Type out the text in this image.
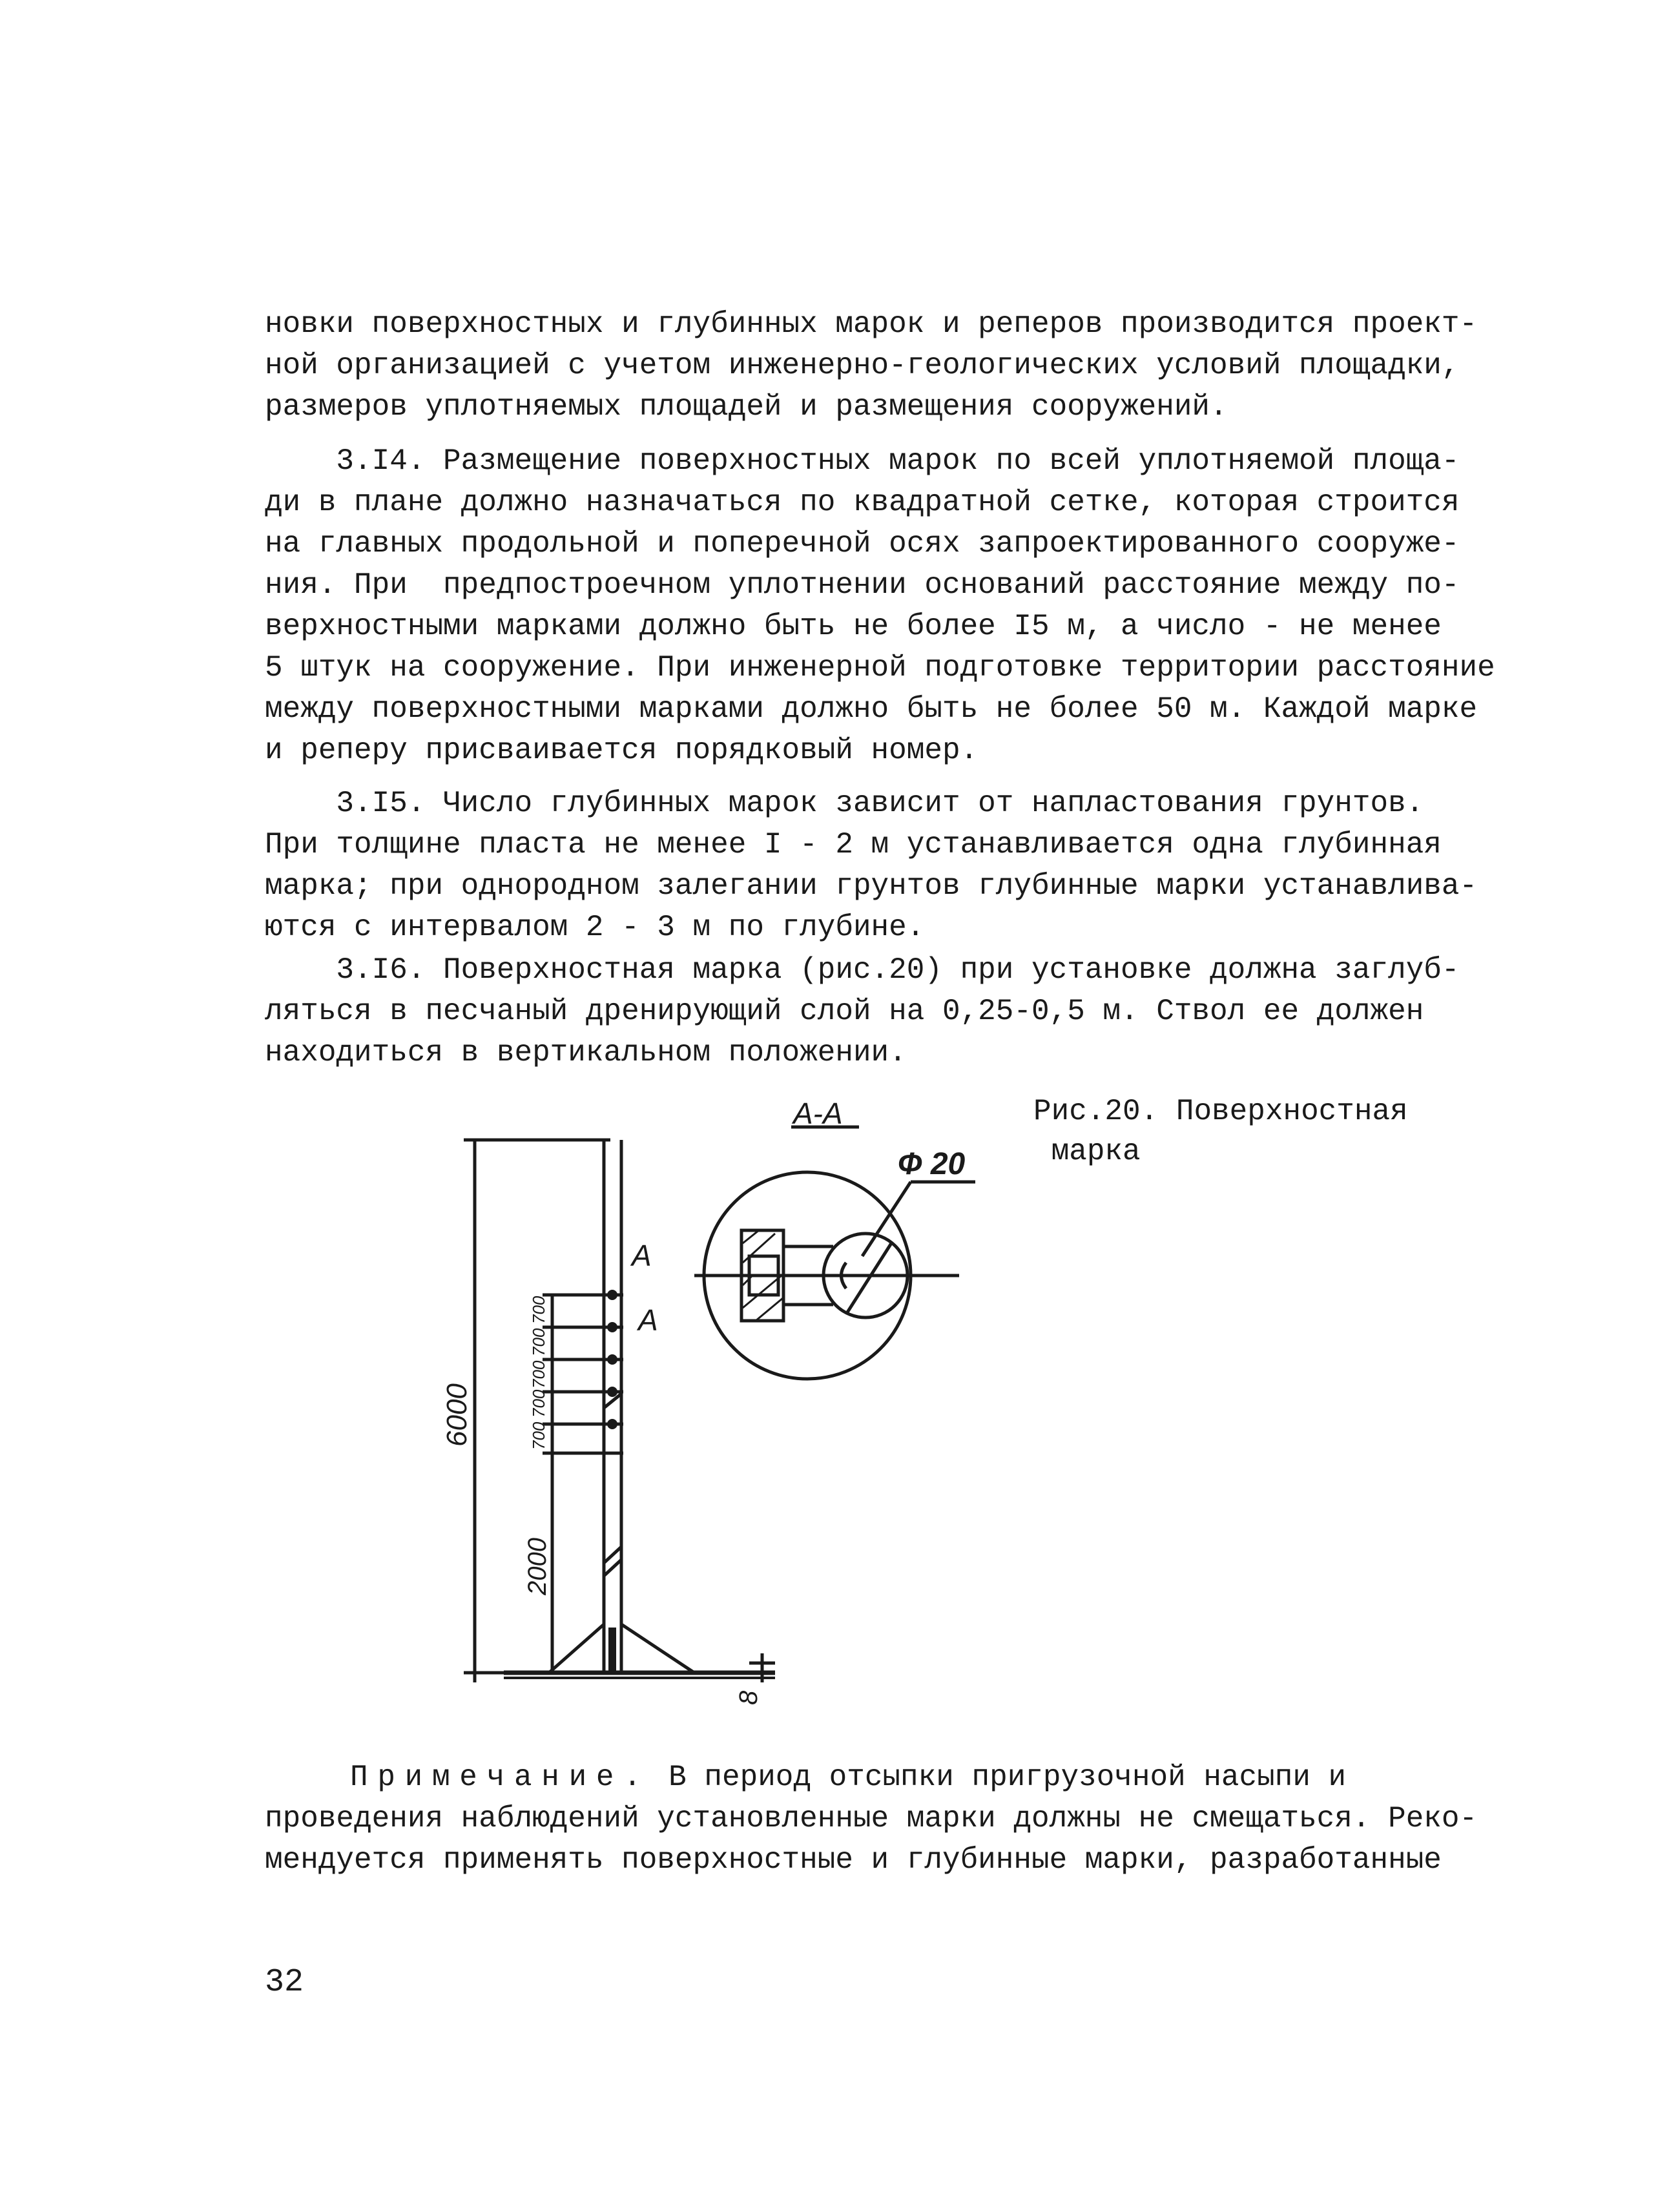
новки поверхностных и глубинных марок и реперов производится проект-
ной организацией с учетом инженерно-геологических условий площадки,
размеров уплотняемых площадей и размещения сооружений.
3.I4. Размещение поверхностных марок по всей уплотняемой площа-
ди в плане должно назначаться по квадратной сетке, которая строится
на главных продольной и поперечной осях запроектированного сооруже-
ния. При  предпостроечном уплотнении оснований расстояние между по-
верхностными марками должно быть не более I5 м, а число - не менее
5 штук на сооружение. При инженерной подготовке территории расстояние
между поверхностными марками должно быть не более 50 м. Каждой марке
и реперу присваивается порядковый номер.
3.I5. Число глубинных марок зависит от напластования грунтов.
При толщине пласта не менее I - 2 м устанавливается одна глубинная
марка; при однородном залегании грунтов глубинные марки устанавлива-
ются с интервалом 2 - 3 м по глубине.
3.I6. Поверхностная марка (рис.20) при установке должна заглуб-
ляться в песчаный дренирующий слой на 0,25-0,5 м. Ствол ее должен
находиться в вертикальном положении.
Рис.20. Поверхностная
марка
А-А
Ф 20
А
А
6000
2000
700
700
700
700
700
8
Примечание. В период отсыпки пригрузочной насыпи и
проведения наблюдений установленные марки должны не смещаться. Реко-
мендуется применять поверхностные и глубинные марки, разработанные
32
